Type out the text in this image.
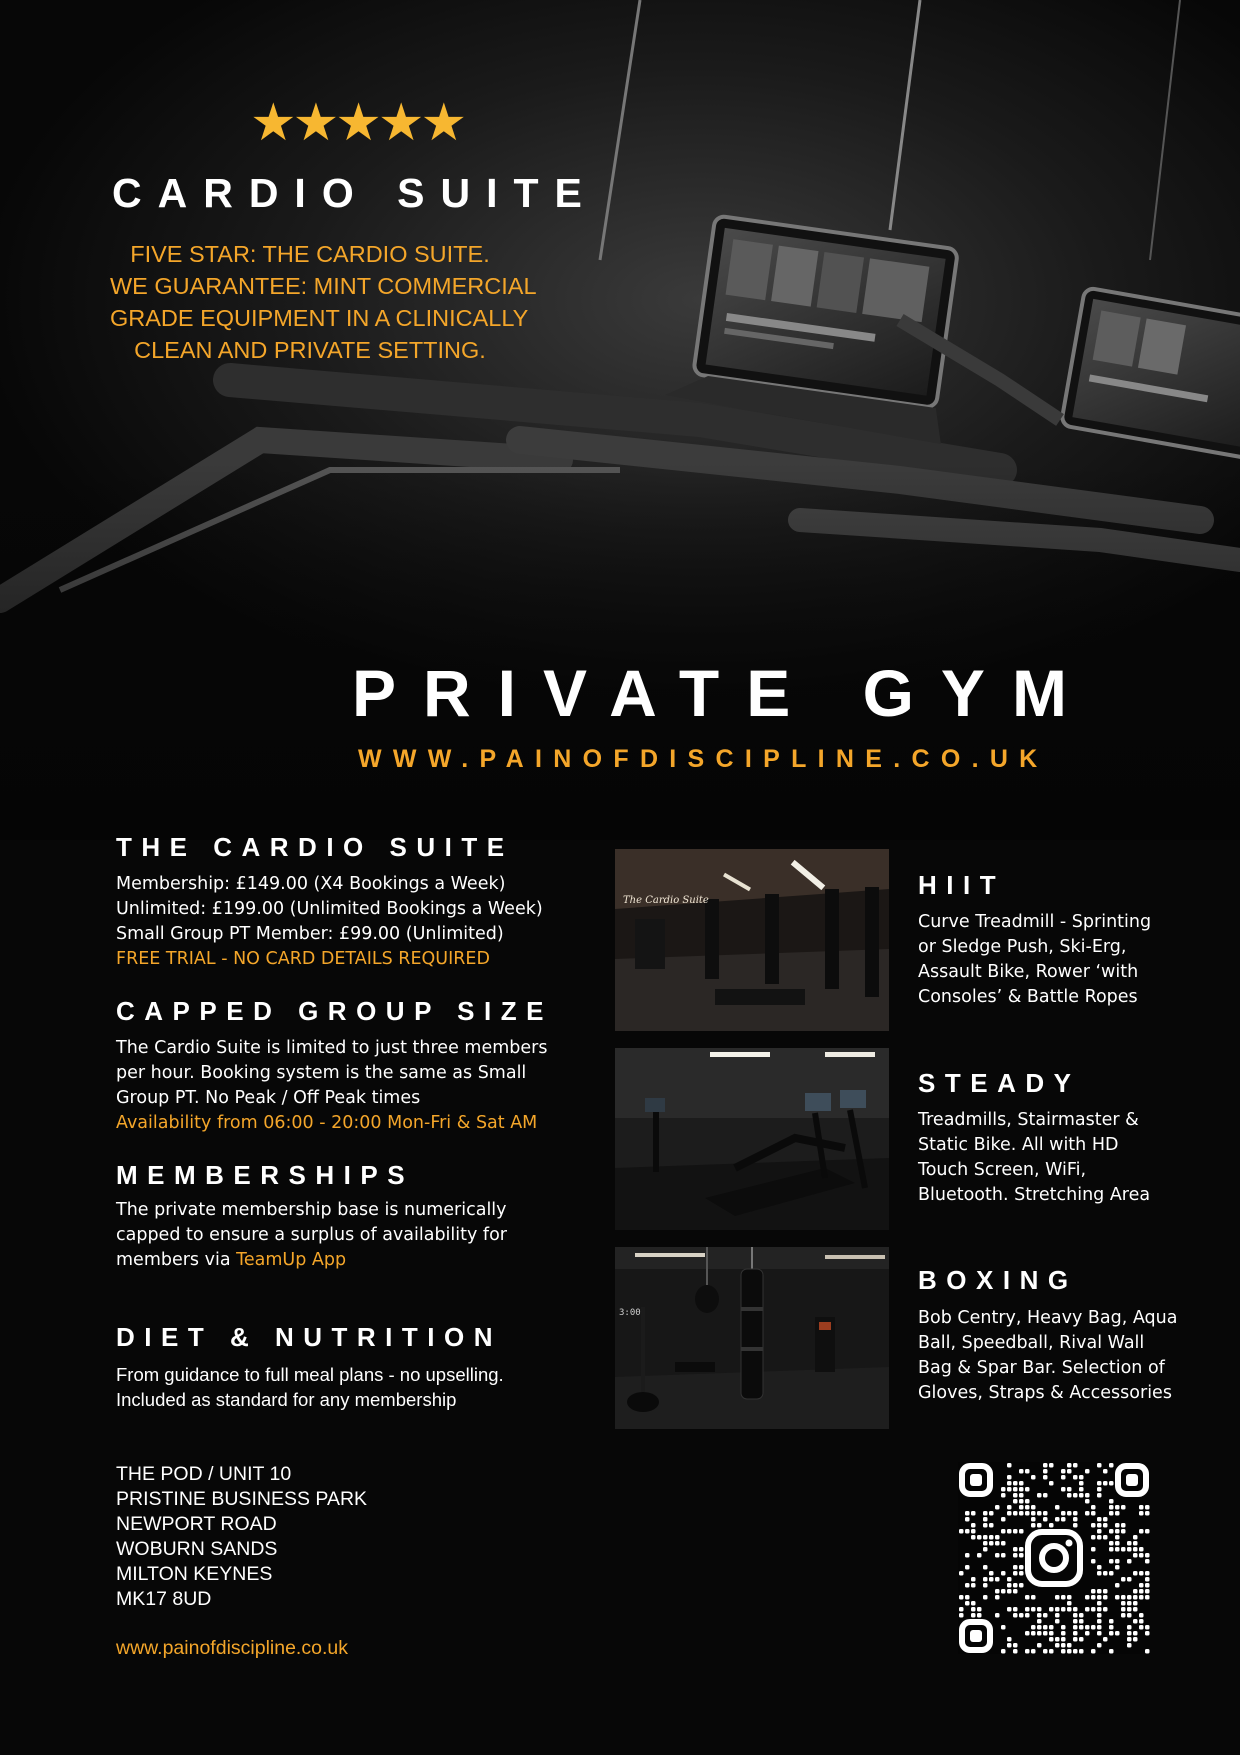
★★★★★
CARDIO SUITE
FIVE STAR: THE CARDIO SUITE.
WE GUARANTEE: MINT COMMERCIAL
GRADE EQUIPMENT IN A CLINICALLY
CLEAN AND PRIVATE SETTING.
PRIVATE GYM
WWW.PAINOFDISCIPLINE.CO.UK
THE CARDIO SUITE
Membership: £149.00 (X4 Bookings a Week)
Unlimited: £199.00 (Unlimited Bookings a Week)
Small Group PT Member: £99.00 (Unlimited)
FREE TRIAL - NO CARD DETAILS REQUIRED
CAPPED GROUP SIZE
The Cardio Suite is limited to just three members
per hour. Booking system is the same as Small
Group PT. No Peak / Off Peak times
Availability from 06:00 - 20:00 Mon-Fri & Sat AM
MEMBERSHIPS
The private membership base is numerically
capped to ensure a surplus of availability for
members via TeamUp App
DIET & NUTRITION
From guidance to full meal plans - no upselling.
Included as standard for any membership
The Cardio Suite
3:00
HIIT
Curve Treadmill - Sprinting
or Sledge Push, Ski-Erg,
Assault Bike, Rower ‘with
Consoles’ & Battle Ropes
STEADY
Treadmills, Stairmaster &
Static Bike. All with HD
Touch Screen, WiFi,
Bluetooth. Stretching Area
BOXING
Bob Centry, Heavy Bag, Aqua
Ball, Speedball, Rival Wall
Bag & Spar Bar. Selection of
Gloves, Straps & Accessories
THE POD / UNIT 10
PRISTINE BUSINESS PARK
NEWPORT ROAD
WOBURN SANDS
MILTON KEYNES
MK17 8UD
www.painofdiscipline.co.uk
